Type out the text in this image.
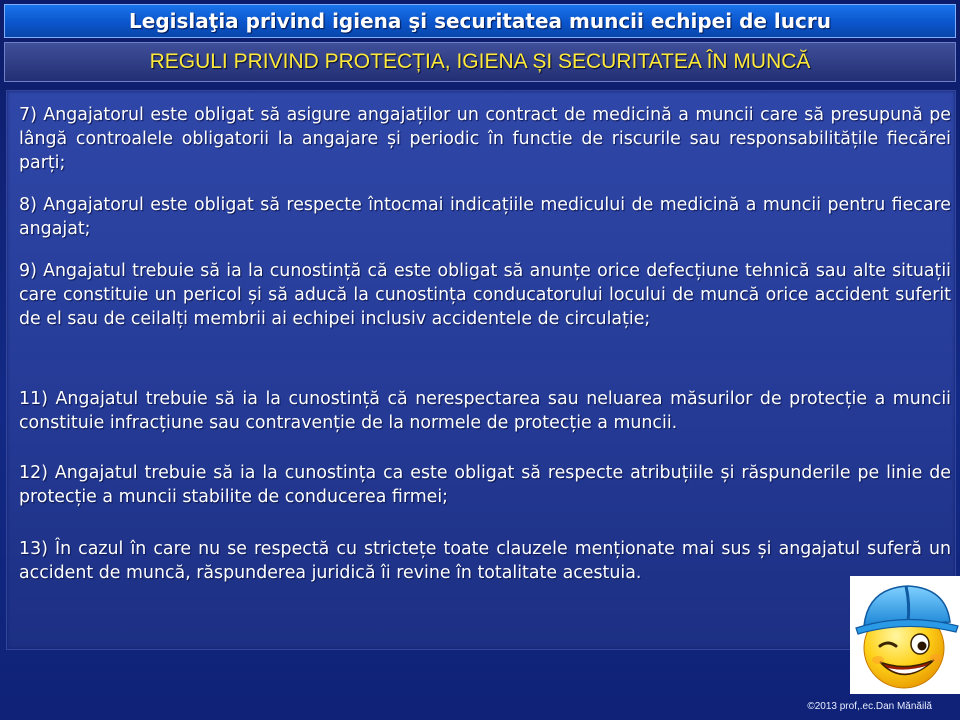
Legislaţia privind igiena şi securitatea muncii echipei de lucru
REGULI PRIVIND PROTECȚIA, IGIENA ȘI SECURITATEA ÎN MUNCĂ

7) Angajatorul este obligat să asigure angajaților un contract de medicină a muncii care să presupună pe lângă controalele obligatorii la angajare și periodic în functie de riscurile sau responsabilitățile fiecărei parți;

8) Angajatorul este obligat să respecte întocmai indicațiile medicului de medicină a muncii pentru fiecare angajat;

9) Angajatul trebuie să ia la cunostință că este obligat să anunțe orice defecțiune tehnică sau alte situații care constituie un pericol și să aducă la cunostința conducatorului locului de muncă orice accident suferit de el sau de ceilalți membrii ai echipei inclusiv accidentele de circulație;

11) Angajatul trebuie să ia la cunostință că nerespectarea sau neluarea măsurilor de protecție a muncii constituie infracțiune sau contravenție de la normele de protecție a muncii.

12) Angajatul trebuie să ia la cunostința ca este obligat să respecte atribuțiile și răspunderile pe linie de protecție a muncii stabilite de conducerea firmei;

13) În cazul în care nu se respectă cu strictețe toate clauzele menționate mai sus și angajatul suferă un accident de muncă, răspunderea juridică îi revine în totalitate acestuia.

©2013 prof,.ec.Dan Mănăilă
